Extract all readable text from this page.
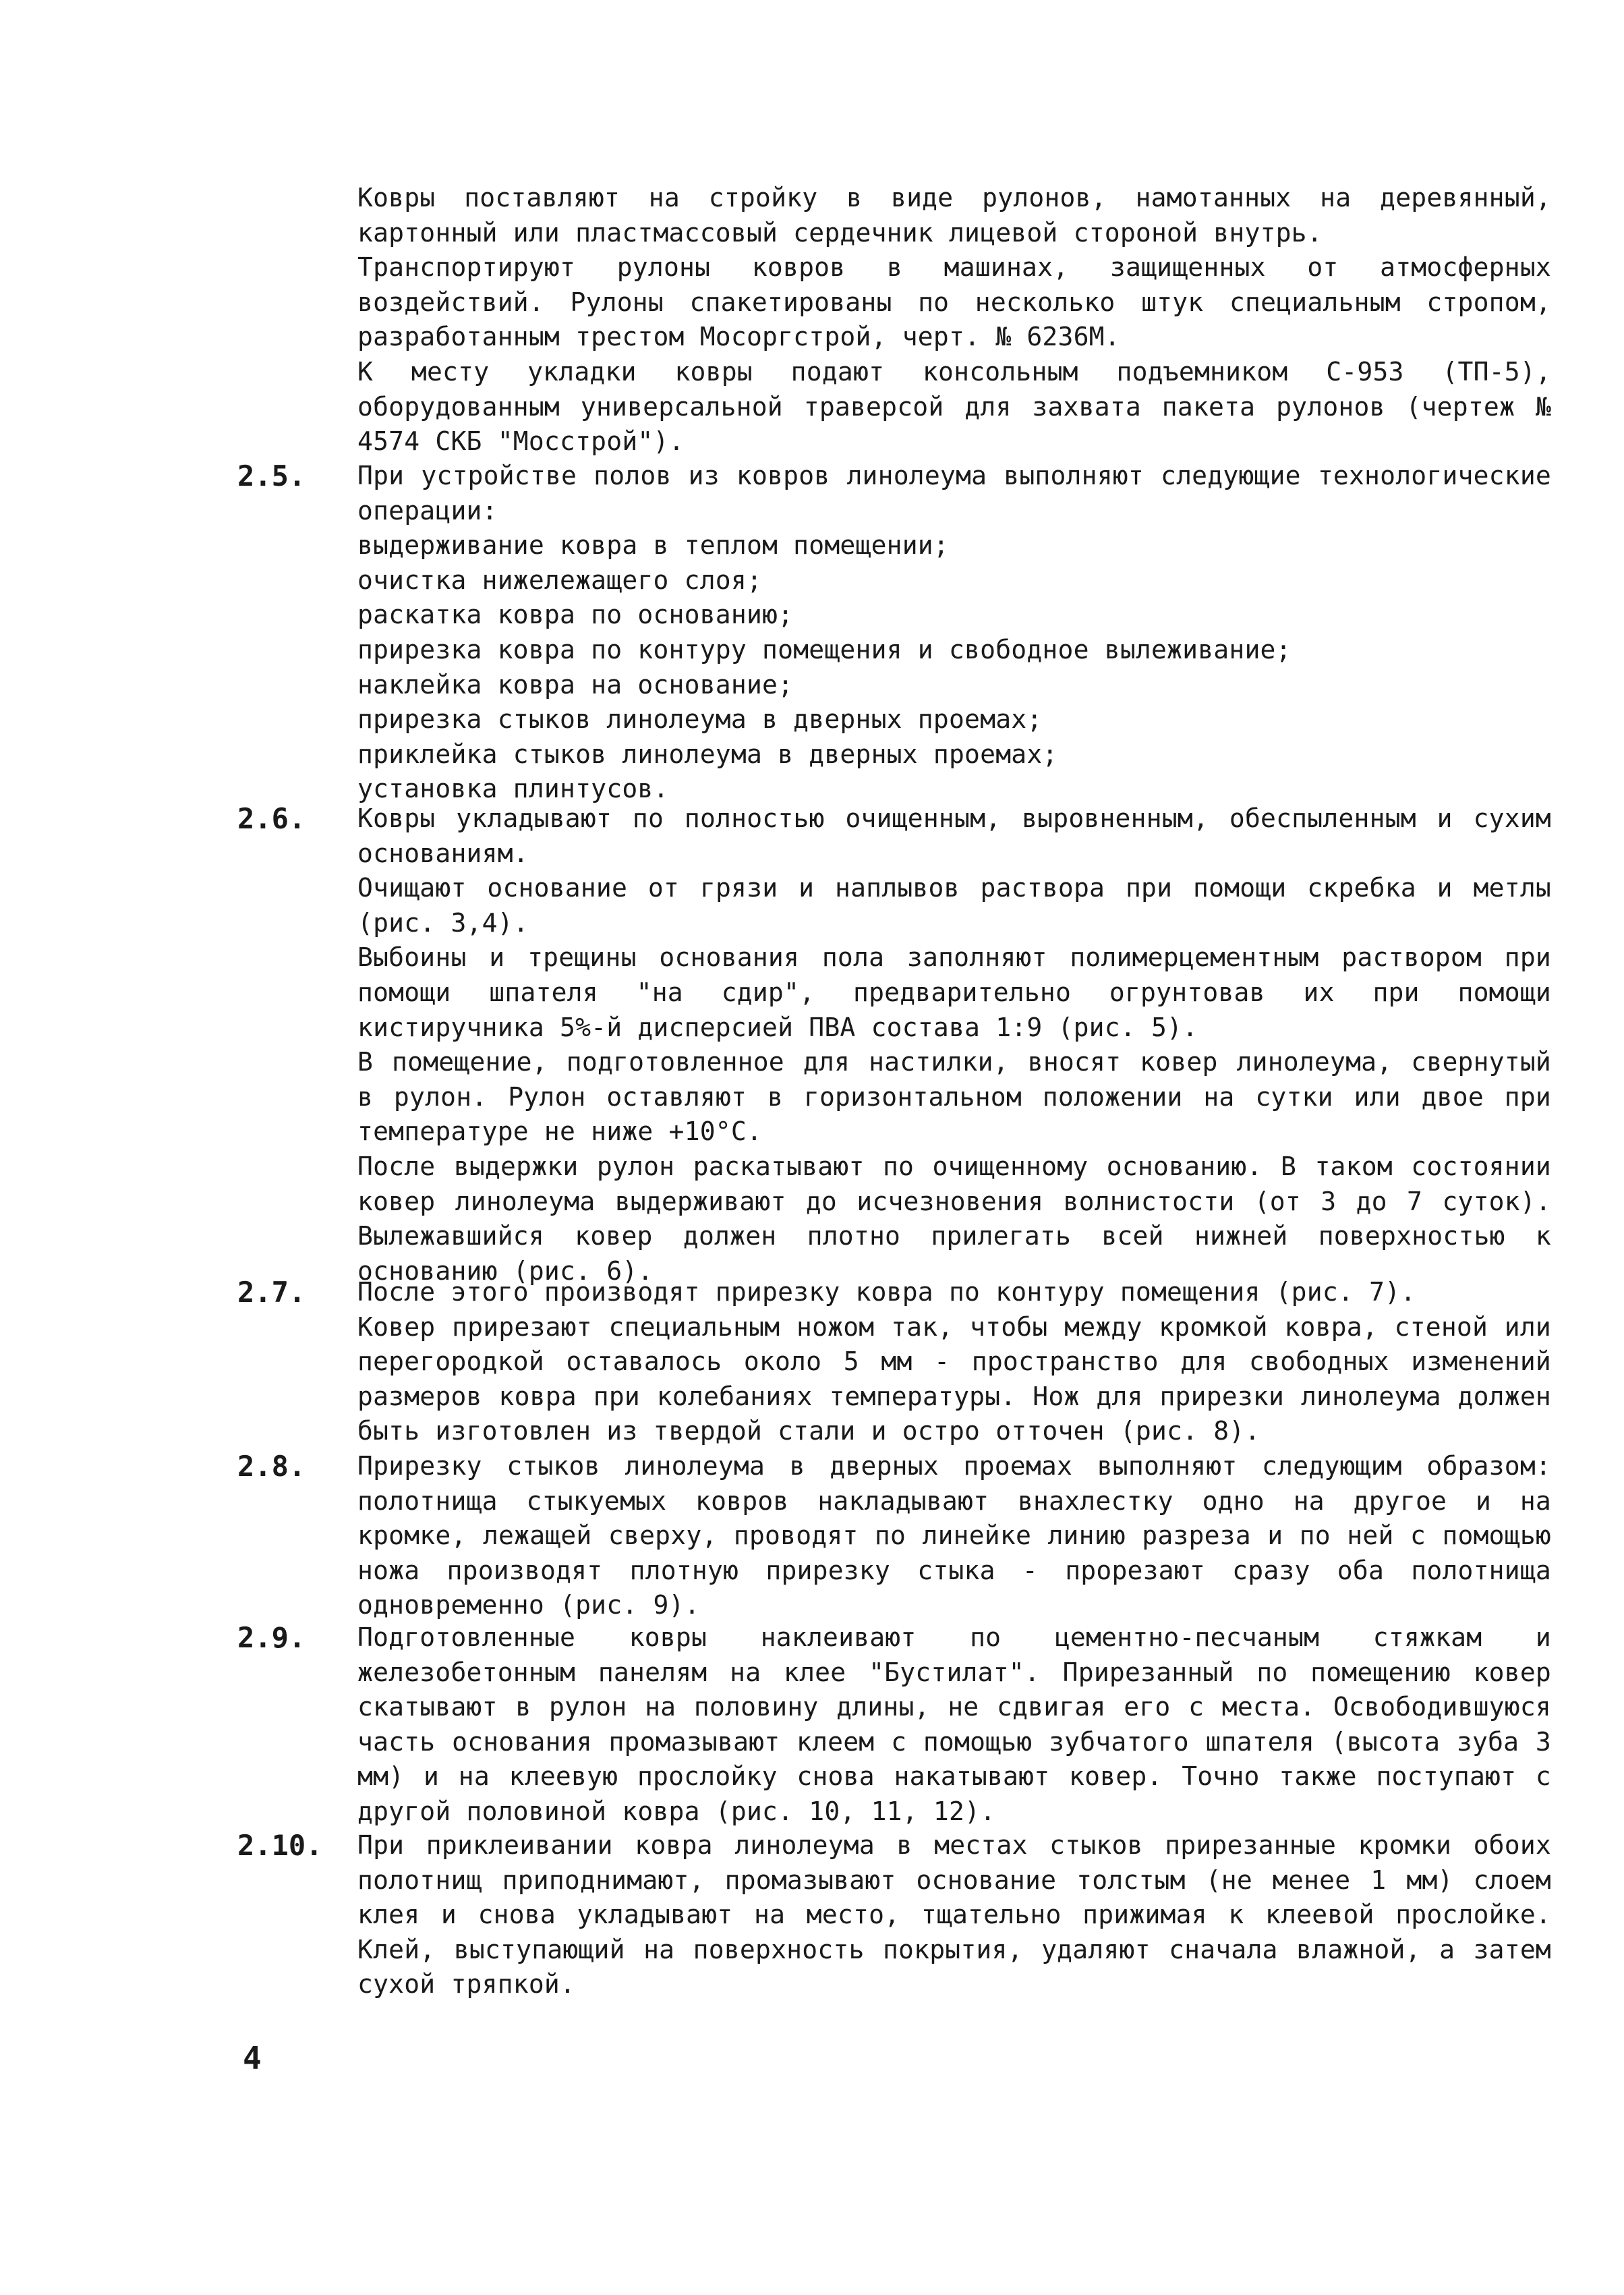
Ковры поставляют на стройку в виде рулонов, намотанных на деревянный, картонный или пластмассовый сердечник лицевой стороной внутрь.

Транспортируют рулоны ковров в машинах, защищенных от атмосферных воздействий. Рулоны спакетированы по несколько штук специальным стропом, разработанным трестом Мосоргстрой, черт. № 6236М.

К месту укладки ковры подают консольным подъемником С-953 (ТП-5), оборудованным универсальной траверсой для захвата пакета рулонов (чертеж № 4574 СКБ "Мосстрой").

2.5.	При устройстве полов из ковров линолеума выполняют следующие технологические операции:

выдерживание ковра в теплом помещении;

очистка нижележащего слоя;

раскатка ковра по основанию;

прирезка ковра по контуру помещения и свободное вылеживание;

наклейка ковра на основание;

прирезка стыков линолеума в дверных проемах;

приклейка стыков линолеума в дверных проемах;

установка плинтусов.

2.6.	Ковры укладывают по полностью очищенным, выровненным, обеспыленным и сухим основаниям.

Очищают основание от грязи и наплывов раствора при помощи скребка и метлы (рис. 3,4).

Выбоины и трещины основания пола заполняют полимерцементным раствором при помощи шпателя "на сдир", предварительно огрунтовав их при помощи кистиручника 5%-й дисперсией ПВА состава 1:9 (рис. 5).

В помещение, подготовленное для настилки, вносят ковер линолеума, свернутый в рулон. Рулон оставляют в горизонтальном положении на сутки или двое при температуре не ниже +10°С.

После выдержки рулон раскатывают по очищенному основанию. В таком состоянии ковер линолеума выдерживают до исчезновения волнистости (от 3 до 7 суток). Вылежавшийся ковер должен плотно прилегать всей нижней поверхностью к основанию (рис. 6).

2.7.	После этого производят прирезку ковра по контуру помещения (рис. 7).

Ковер прирезают специальным ножом так, чтобы между кромкой ковра, стеной или перегородкой оставалось около 5 мм - пространство для свободных изменений размеров ковра при колебаниях температуры. Нож для прирезки линолеума должен быть изготовлен из твердой стали и остро отточен (рис. 8).

2.8.	Прирезку стыков линолеума в дверных проемах выполняют следующим образом: полотнища стыкуемых ковров накладывают внахлестку одно на другое и на кромке, лежащей сверху, проводят по линейке линию разреза и по ней с помощью ножа производят плотную прирезку стыка - прорезают сразу оба полотнища одновременно (рис. 9).

2.9.	Подготовленные ковры наклеивают по цементно-песчаным стяжкам и железобетонным панелям на клее "Бустилат". Прирезанный по помещению ковер скатывают в рулон на половину длины, не сдвигая его с места. Освободившуюся часть основания промазывают клеем с помощью зубчатого шпателя (высота зуба 3 мм) и на клеевую прослойку снова накатывают ковер. Точно также поступают с другой половиной ковра (рис. 10, 11, 12).

2.10.	При приклеивании ковра линолеума в местах стыков прирезанные кромки обоих полотнищ приподнимают, промазывают основание толстым (не менее 1 мм) слоем клея и снова укладывают на место, тщательно прижимая к клеевой прослойке. Клей, выступающий на поверхность покрытия, удаляют сначала влажной, а затем сухой тряпкой.

4
